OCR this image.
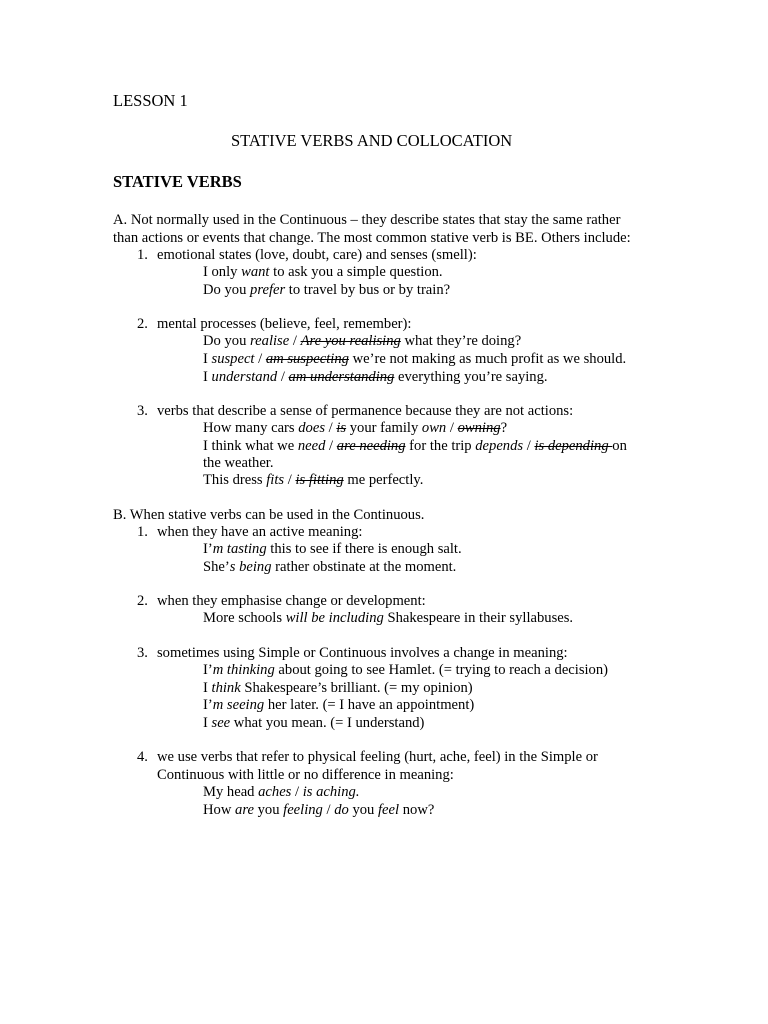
LESSON 1
STATIVE VERBS AND COLLOCATION
STATIVE VERBS
A. Not normally used in the Continuous – they describe states that stay the same rather
than actions or events that change. The most common stative verb is BE. Others include:
1. emotional states (love, doubt, care) and senses (smell):
I only want to ask you a simple question.
Do you prefer to travel by bus or by train?
2. mental processes (believe, feel, remember):
Do you realise / Are you realising what they’re doing?
I suspect / am suspecting we’re not making as much profit as we should.
I understand / am understanding everything you’re saying.
3. verbs that describe a sense of permanence because they are not actions:
How many cars does / is your family own / owning?
I think what we need / are needing for the trip depends / is depending on
the weather.
This dress fits / is fitting me perfectly.
B. When stative verbs can be used in the Continuous.
1. when they have an active meaning:
I’m tasting this to see if there is enough salt.
She’s being rather obstinate at the moment.
2. when they emphasise change or development:
More schools will be including Shakespeare in their syllabuses.
3. sometimes using Simple or Continuous involves a change in meaning:
I’m thinking about going to see Hamlet. (= trying to reach a decision)
I think Shakespeare’s brilliant. (= my opinion)
I’m seeing her later. (= I have an appointment)
I see what you mean. (= I understand)
4. we use verbs that refer to physical feeling (hurt, ache, feel) in the Simple or
Continuous with little or no difference in meaning:
My head aches / is aching.
How are you feeling / do you feel now?
